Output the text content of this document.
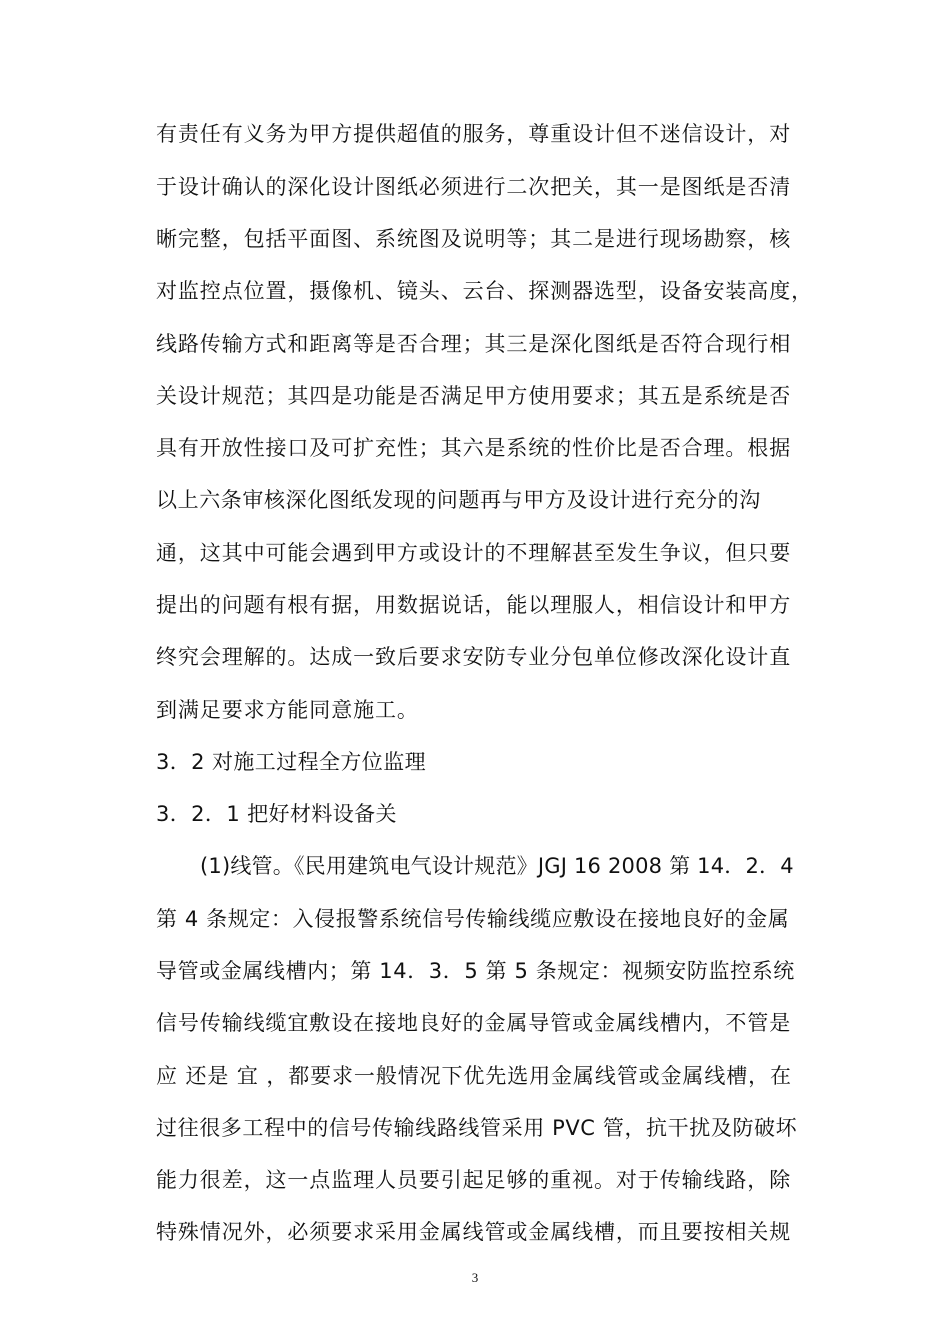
有责任有义务为甲方提供超值的服务，尊重设计但不迷信设计，对
于设计确认的深化设计图纸必须进行二次把关，其一是图纸是否清
晰完整，包括平面图、系统图及说明等；其二是进行现场勘察，核
对监控点位置，摄像机、镜头、云台、探测器选型，设备安装高度，
线路传输方式和距离等是否合理；其三是深化图纸是否符合现行相
关设计规范；其四是功能是否满足甲方使用要求；其五是系统是否
具有开放性接口及可扩充性；其六是系统的性价比是否合理。根据
以上六条审核深化图纸发现的问题再与甲方及设计进行充分的沟
通，这其中可能会遇到甲方或设计的不理解甚至发生争议，但只要
提出的问题有根有据，用数据说话，能以理服人，相信设计和甲方
终究会理解的。达成一致后要求安防专业分包单位修改深化设计直
到满足要求方能同意施工。
3．2 对施工过程全方位监理
3．2．1 把好材料设备关
(1)线管。《民用建筑电气设计规范》JGJ 16 2008 第 14．2．4
第 4 条规定：入侵报警系统信号传输线缆应敷设在接地良好的金属
导管或金属线槽内；第 14．3．5 第 5 条规定：视频安防监控系统
信号传输线缆宜敷设在接地良好的金属导管或金属线槽内，不管是
应 还是 宜 ，都要求一般情况下优先选用金属线管或金属线槽，在
过往很多工程中的信号传输线路线管采用 PVC 管，抗干扰及防破坏
能力很差，这一点监理人员要引起足够的重视。对于传输线路，除
特殊情况外，必须要求采用金属线管或金属线槽，而且要按相关规
3
